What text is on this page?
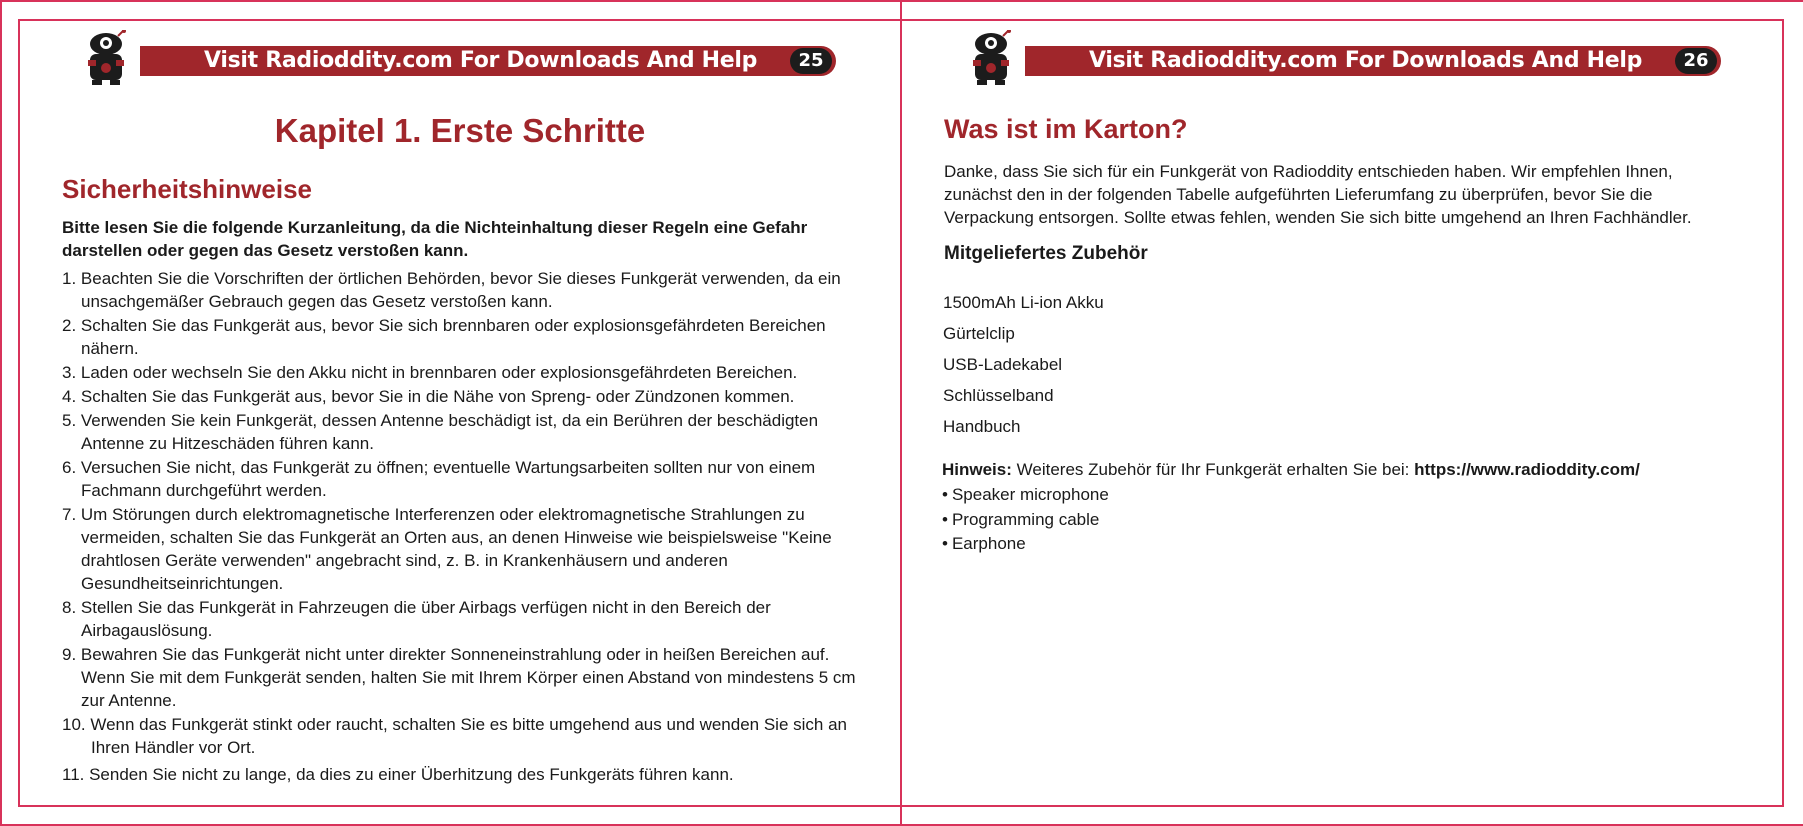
Visit Radioddity.com For Downloads And Help	25
Kapitel 1. Erste Schritte
Sicherheitshinweise

Bitte lesen Sie die folgende Kurzanleitung, da die Nichteinhaltung dieser Regeln eine Gefahr darstellen oder gegen das Gesetz verstoßen kann.

1. Beachten Sie die Vorschriften der örtlichen Behörden, bevor Sie dieses Funkgerät verwenden, da ein unsachgemäßer Gebrauch gegen das Gesetz verstoßen kann.
2. Schalten Sie das Funkgerät aus, bevor Sie sich brennbaren oder explosionsgefährdeten Bereichen nähern.
3. Laden oder wechseln Sie den Akku nicht in brennbaren oder explosionsgefährdeten Bereichen.
4. Schalten Sie das Funkgerät aus, bevor Sie in die Nähe von Spreng- oder Zündzonen kommen.
5. Verwenden Sie kein Funkgerät, dessen Antenne beschädigt ist, da ein Berühren der beschädigten Antenne zu Hitzeschäden führen kann.
6. Versuchen Sie nicht, das Funkgerät zu öffnen; eventuelle Wartungsarbeiten sollten nur von einem Fachmann durchgeführt werden.
7. Um Störungen durch elektromagnetische Interferenzen oder elektromagnetische Strahlungen zu vermeiden, schalten Sie das Funkgerät an Orten aus, an denen Hinweise wie beispielsweise "Keine drahtlosen Geräte verwenden" angebracht sind, z. B. in Krankenhäusern und anderen Gesundheitseinrichtungen.
8. Stellen Sie das Funkgerät in Fahrzeugen die über Airbags verfügen nicht in den Bereich der Airbagauslösung.
9. Bewahren Sie das Funkgerät nicht unter direkter Sonneneinstrahlung oder in heißen Bereichen auf. Wenn Sie mit dem Funkgerät senden, halten Sie mit Ihrem Körper einen Abstand von mindestens 5 cm zur Antenne.
10. Wenn das Funkgerät stinkt oder raucht, schalten Sie es bitte umgehend aus und wenden Sie sich an Ihren Händler vor Ort.
11. Senden Sie nicht zu lange, da dies zu einer Überhitzung des Funkgeräts führen kann.
Visit Radioddity.com For Downloads And Help	26
Was ist im Karton?

Danke, dass Sie sich für ein Funkgerät von Radioddity entschieden haben. Wir empfehlen Ihnen, zunächst den in der folgenden Tabelle aufgeführten Lieferumfang zu überprüfen, bevor Sie die Verpackung entsorgen. Sollte etwas fehlen, wenden Sie sich bitte umgehend an Ihren Fachhändler.

Mitgeliefertes Zubehör
1500mAh Li-ion Akku
Gürtelclip
USB-Ladekabel
Schlüsselband
Handbuch

Hinweis: Weiteres Zubehör für Ihr Funkgerät erhalten Sie bei: https://www.radioddity.com/

• Speaker microphone
• Programming cable
• Earphone
